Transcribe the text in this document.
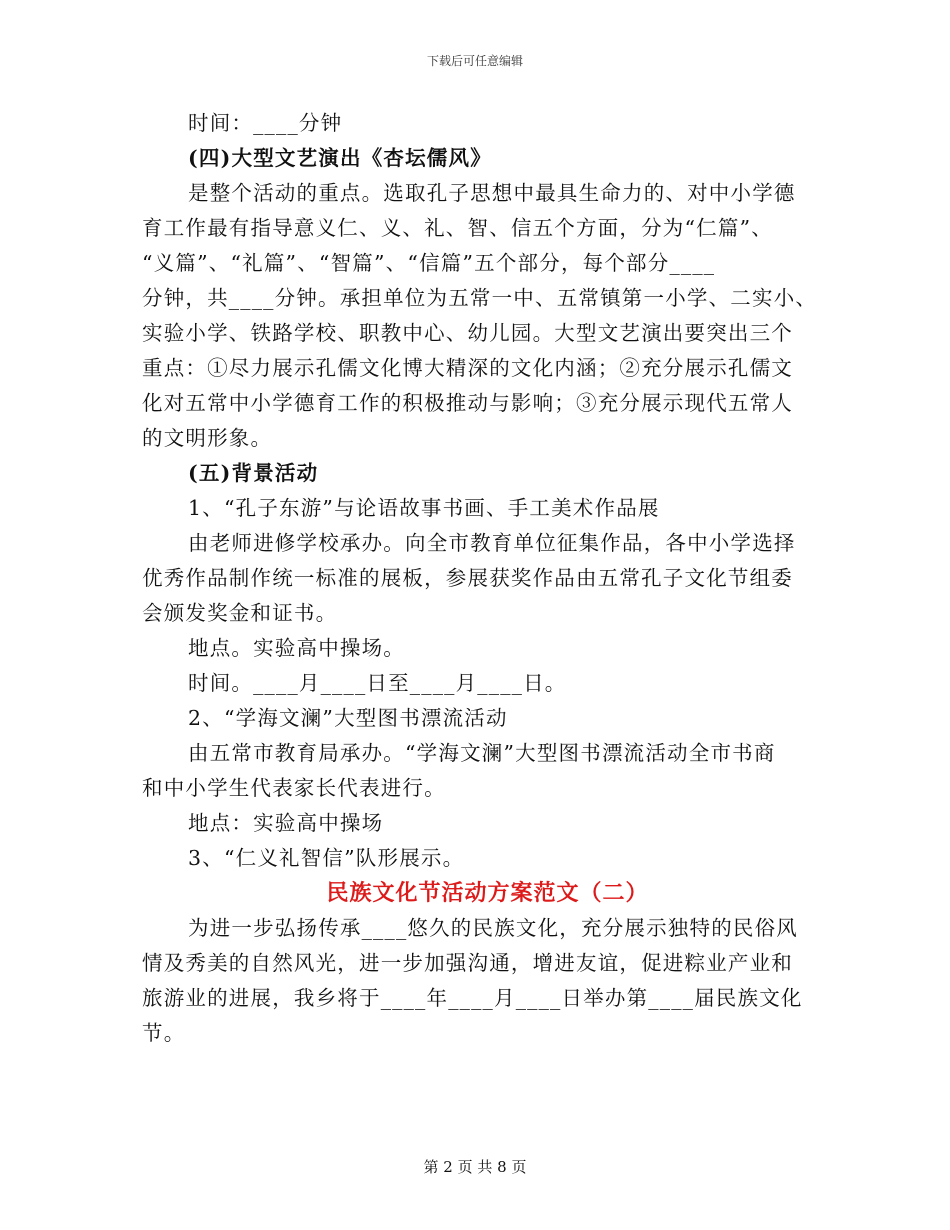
下载后可任意编辑
时间：____分钟
(四)大型文艺演出《杏坛儒风》
是整个活动的重点。选取孔子思想中最具生命力的、对中小学德
育工作最有指导意义仁、义、礼、智、信五个方面，分为“仁篇”、
“义篇”、“礼篇”、“智篇”、“信篇”五个部分，每个部分____
分钟，共____分钟。承担单位为五常一中、五常镇第一小学、二实小、
实验小学、铁路学校、职教中心、幼儿园。大型文艺演出要突出三个
重点：①尽力展示孔儒文化博大精深的文化内涵；②充分展示孔儒文
化对五常中小学德育工作的积极推动与影响；③充分展示现代五常人
的文明形象。
(五)背景活动
1、“孔子东游”与论语故事书画、手工美术作品展
由老师进修学校承办。向全市教育单位征集作品，各中小学选择
优秀作品制作统一标准的展板，参展获奖作品由五常孔子文化节组委
会颁发奖金和证书。
地点。实验高中操场。
时间。____月____日至____月____日。
2、“学海文澜”大型图书漂流活动
由五常市教育局承办。“学海文澜”大型图书漂流活动全市书商
和中小学生代表家长代表进行。
地点：实验高中操场
3、“仁义礼智信”队形展示。
民族文化节活动方案范文（二）
为进一步弘扬传承____悠久的民族文化，充分展示独特的民俗风
情及秀美的自然风光，进一步加强沟通，增进友谊，促进粽业产业和
旅游业的进展，我乡将于____年____月____日举办第____届民族文化
节。
第 2 页 共 8 页
